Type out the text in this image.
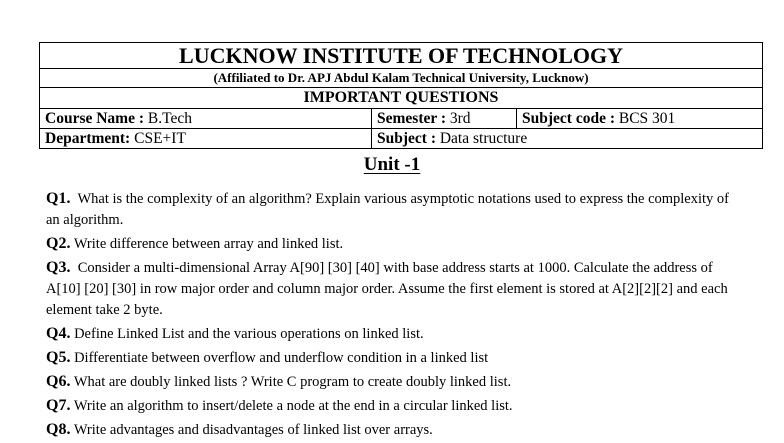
LUCKNOW INSTITUTE OF TECHNOLOGY		
(Affiliated to Dr. APJ Abdul Kalam Technical University, Lucknow)		
IMPORTANT QUESTIONS		
Course Name : B.Tech	Semester : 3rd	Subject code : BCS 301
Department: CSE+IT	Subject : Data structure	
Unit -1
Q1. What is the complexity of an algorithm? Explain various asymptotic notations used to express the complexity of an algorithm.
Q2. Write difference between array and linked list.
Q3. Consider a multi-dimensional Array A[90] [30] [40] with base address starts at 1000. Calculate the address of A[10] [20] [30] in row major order and column major order. Assume the first element is stored at A[2][2][2] and each element take 2 byte.
Q4. Define Linked List and the various operations on linked list.
Q5. Differentiate between overflow and underflow condition in a linked list
Q6. What are doubly linked lists ? Write C program to create doubly linked list.
Q7. Write an algorithm to insert/delete a node at the end in a circular linked list.
Q8. Write advantages and disadvantages of linked list over arrays.
